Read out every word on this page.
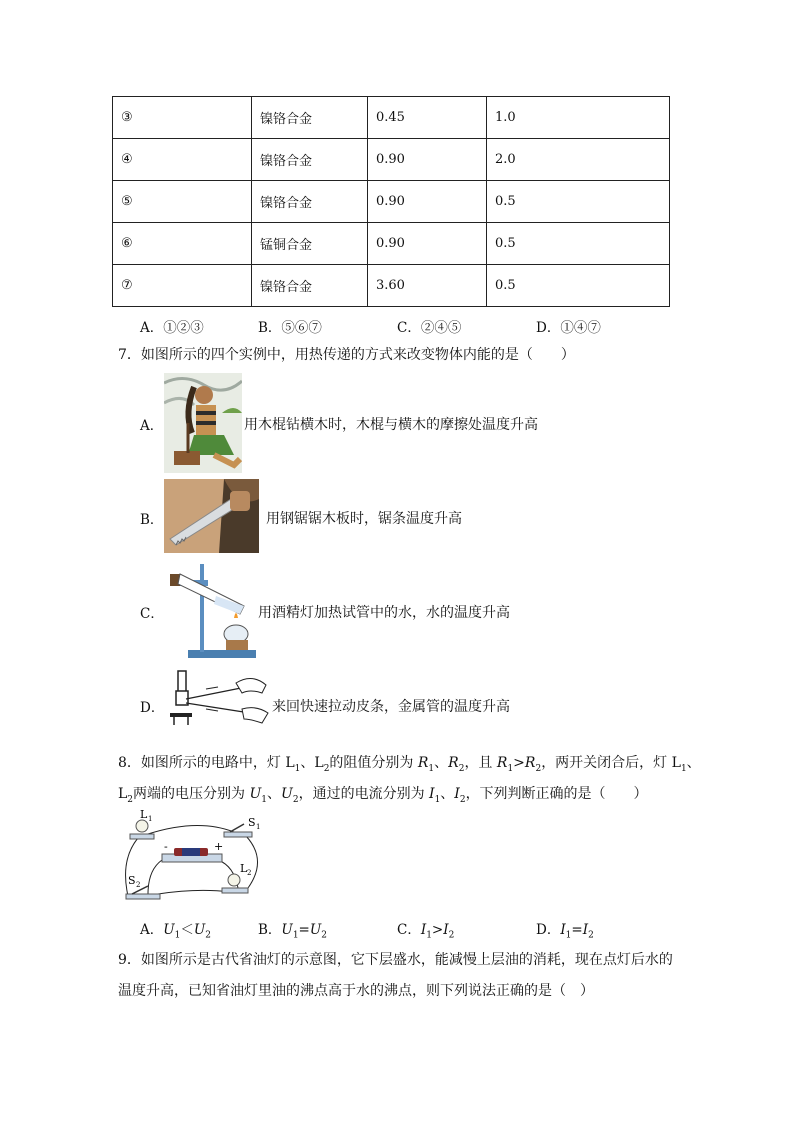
③	镍铬合金	0.45	1.0
④	镍铬合金	0.90	2.0
⑤	镍铬合金	0.90	0.5
⑥	锰铜合金	0.90	0.5
⑦	镍铬合金	3.60	0.5
A．①②③	B．⑤⑥⑦	C．②④⑤	D．①④⑦
7．如图所示的四个实例中，用热传递的方式来改变物体内能的是（　　）
A．	用木棍钻横木时，木棍与横木的摩擦处温度升高
B．	用钢锯锯木板时，锯条温度升高
C．	用酒精灯加热试管中的水，水的温度升高
D．	来回快速拉动皮条，金属管的温度升高
8．如图所示的电路中，灯 $L_1$、$L_2$的阻值分别为 $R_1$、$R_2$，且 $R_1>R_2$，两开关闭合后，灯 $L_1$、
$L_2$两端的电压分别为 $U_1$、$U_2$，通过的电流分别为 $I_1$、$I_2$，下列判断正确的是（　　）
L 1	S 1
S 2
L 2
-	+
A．$U_1<U_2$	B．$U_1=U_2$	C．$I_1>I_2$	D．$I_1=I_2$
9．如图所示是古代省油灯的示意图，它下层盛水，能减慢上层油的消耗，现在点灯后水的
温度升高，已知省油灯里油的沸点高于水的沸点，则下列说法正确的是（　）
